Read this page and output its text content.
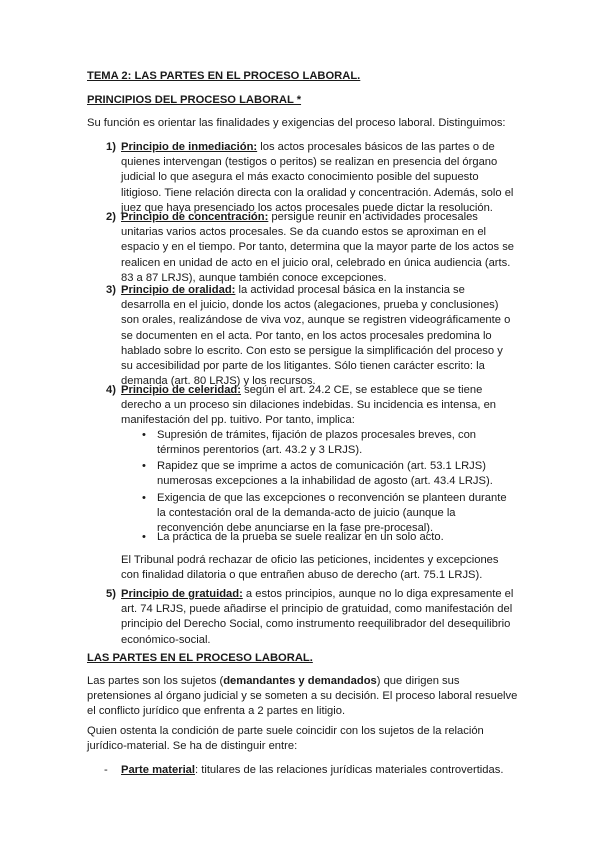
TEMA 2: LAS PARTES EN EL PROCESO LABORAL.
PRINCIPIOS DEL PROCESO LABORAL *
Su función es orientar las finalidades y exigencias del proceso laboral. Distinguimos:
1) Principio de inmediación: los actos procesales básicos de las partes o de
quienes intervengan (testigos o peritos) se realizan en presencia del órgano
judicial lo que asegura el más exacto conocimiento posible del supuesto
litigioso. Tiene relación directa con la oralidad y concentración. Además, solo el
juez que haya presenciado los actos procesales puede dictar la resolución.
2) Principio de concentración: persigue reunir en actividades procesales
unitarias varios actos procesales. Se da cuando estos se aproximan en el
espacio y en el tiempo. Por tanto, determina que la mayor parte de los actos se
realicen en unidad de acto en el juicio oral, celebrado en única audiencia (arts.
83 a 87 LRJS), aunque también conoce excepciones.
3) Principio de oralidad: la actividad procesal básica en la instancia se
desarrolla en el juicio, donde los actos (alegaciones, prueba y conclusiones)
son orales, realizándose de viva voz, aunque se registren videográficamente o
se documenten en el acta. Por tanto, en los actos procesales predomina lo
hablado sobre lo escrito. Con esto se persigue la simplificación del proceso y
su accesibilidad por parte de los litigantes. Sólo tienen carácter escrito: la
demanda (art. 80 LRJS) y los recursos.
4) Principio de celeridad: según el art. 24.2 CE, se establece que se tiene
derecho a un proceso sin dilaciones indebidas. Su incidencia es intensa, en
manifestación del pp. tuitivo. Por tanto, implica:
• Supresión de trámites, fijación de plazos procesales breves, con
términos perentorios (art. 43.2 y 3 LRJS).
• Rapidez que se imprime a actos de comunicación (art. 53.1 LRJS)
numerosas excepciones a la inhabilidad de agosto (art. 43.4 LRJS).
• Exigencia de que las excepciones o reconvención se planteen durante
la contestación oral de la demanda-acto de juicio (aunque la
reconvención debe anunciarse en la fase pre-procesal).
• La práctica de la prueba se suele realizar en un solo acto.
El Tribunal podrá rechazar de oficio las peticiones, incidentes y excepciones
con finalidad dilatoria o que entrañen abuso de derecho (art. 75.1 LRJS).
5) Principio de gratuidad: a estos principios, aunque no lo diga expresamente el
art. 74 LRJS, puede añadirse el principio de gratuidad, como manifestación del
principio del Derecho Social, como instrumento reequilibrador del desequilibrio
económico-social.
LAS PARTES EN EL PROCESO LABORAL.
Las partes son los sujetos (demandantes y demandados) que dirigen sus
pretensiones al órgano judicial y se someten a su decisión. El proceso laboral resuelve
el conflicto jurídico que enfrenta a 2 partes en litigio.
Quien ostenta la condición de parte suele coincidir con los sujetos de la relación
jurídico-material. Se ha de distinguir entre:
- Parte material: titulares de las relaciones jurídicas materiales controvertidas.
